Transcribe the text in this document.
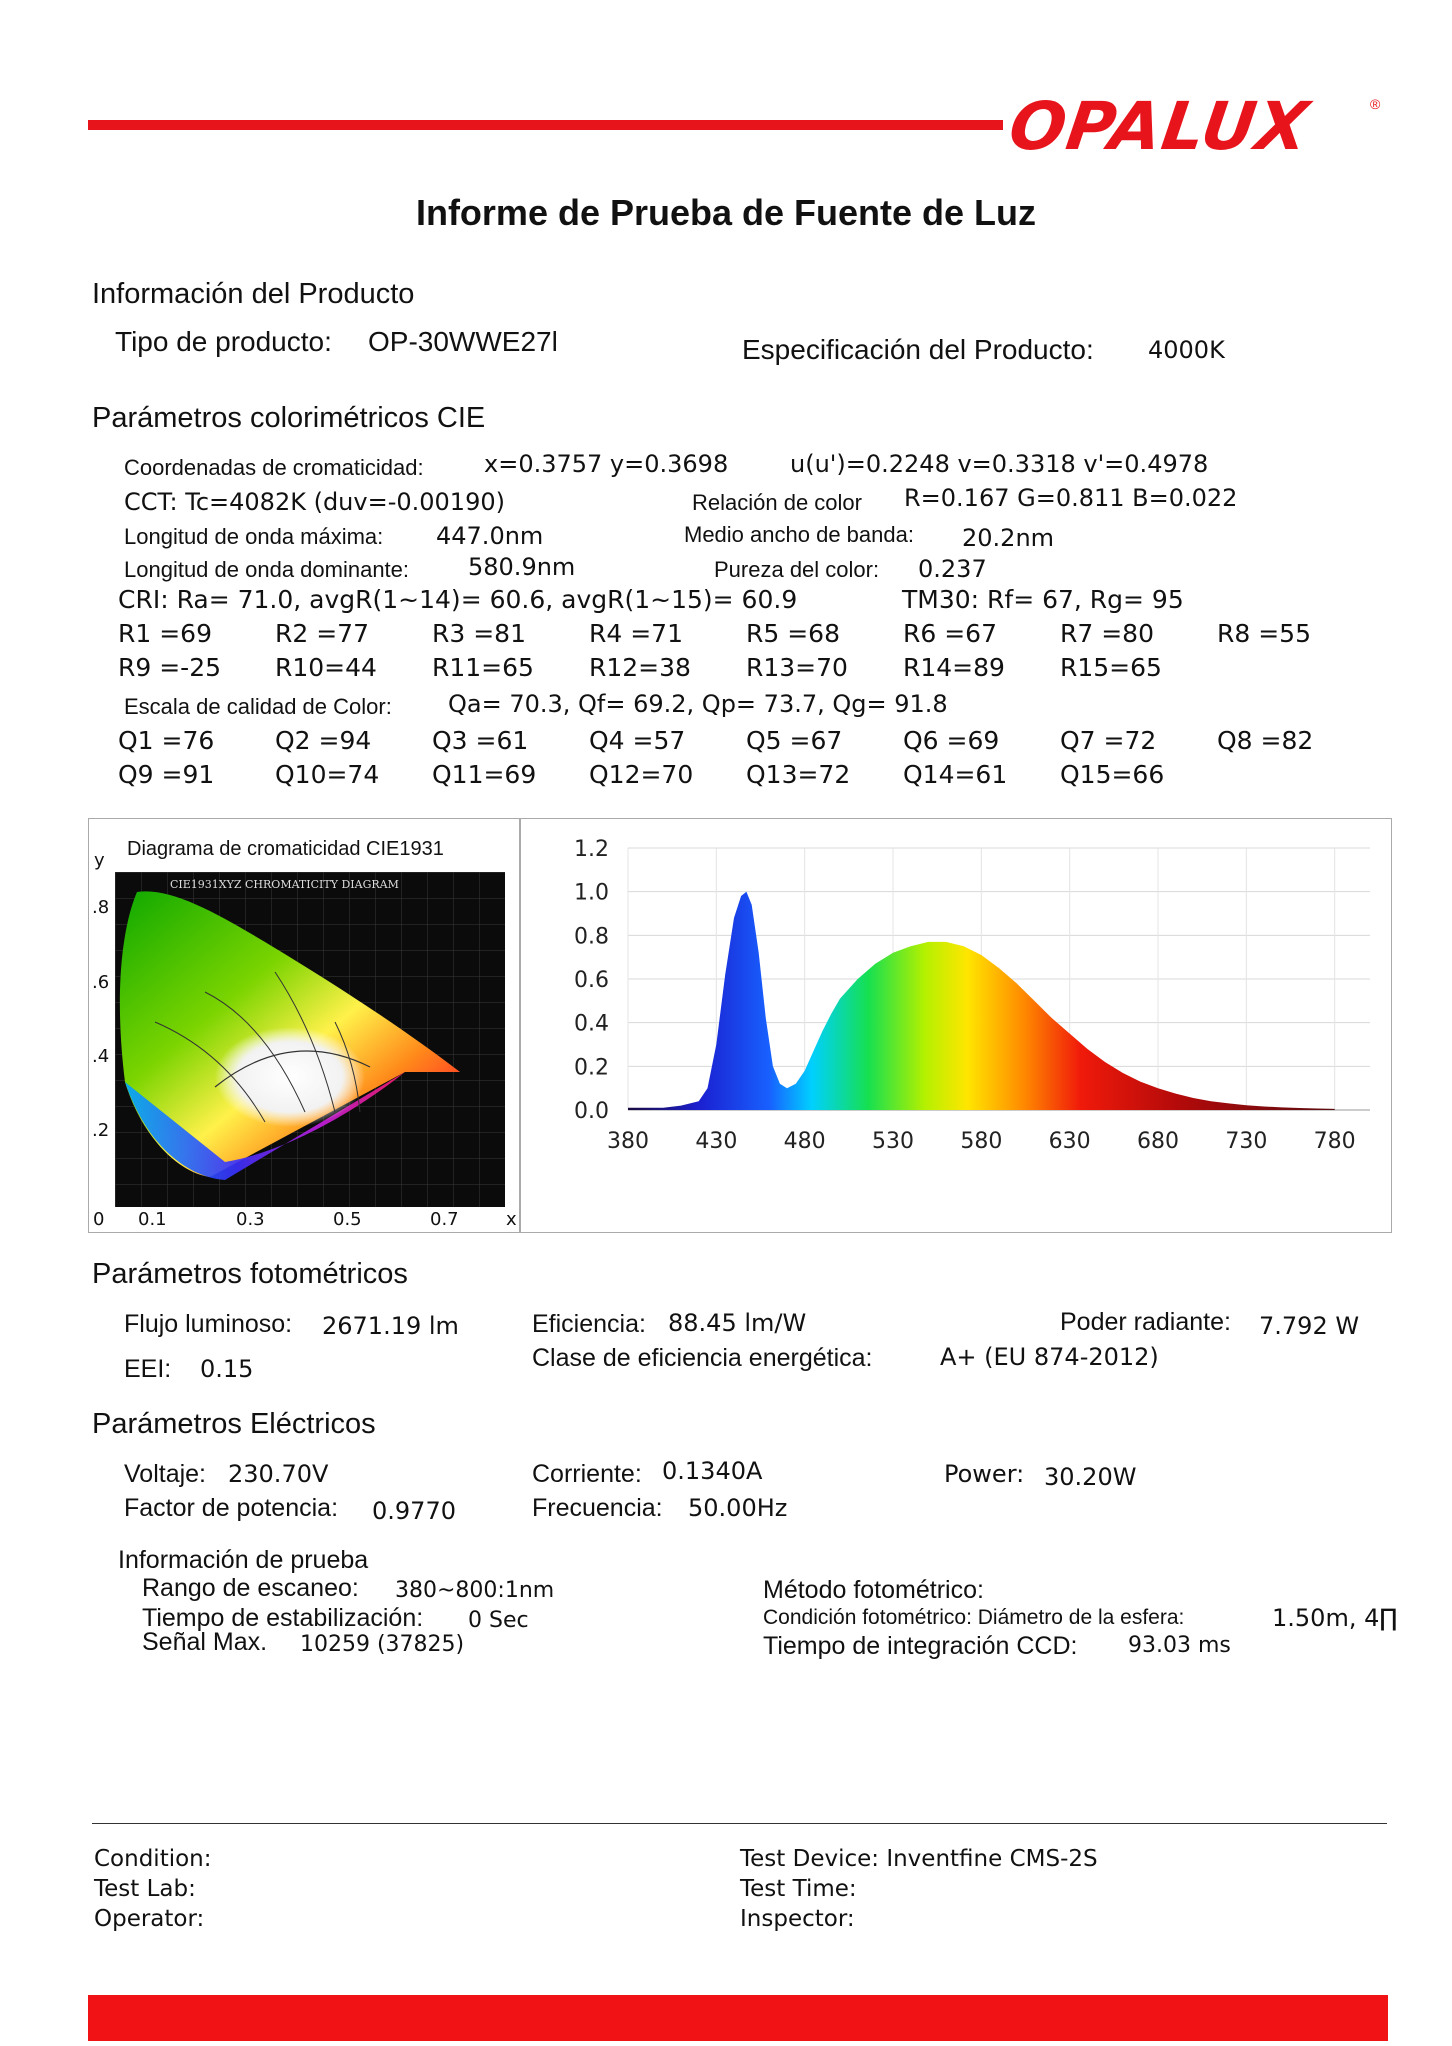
OPALUX	®
Informe de Prueba de Fuente de Luz
Información del Producto
Tipo de producto: OP-30WWE27l	Especificación del Producto: 4000K
Parámetros colorimétricos CIE
Coordenadas de cromaticidad:	x=0.3757 y=0.3698	u(u')=0.2248 v=0.3318 v'=0.4978
CCT: Tc=4082K (duv=-0.00190)	Relación de color R=0.167 G=0.811 B=0.022
Longitud de onda máxima: 447.0nm	Medio ancho de banda: 20.2nm
Longitud de onda dominante: 580.9nm	Pureza del color: 0.237
CRI: Ra= 71.0, avgR(1~14)= 60.6, avgR(1~15)= 60.9	TM30: Rf= 67, Rg= 95
R1 =69	R2 =77	R3 =81	R4 =71	R5 =68	R6 =67	R7 =80	R8 =55
R9 =-25 R10=44 R11=65 R12=38 R13=70 R14=89 R15=65
Escala de calidad de Color: Qa= 70.3, Qf= 69.2, Qp= 73.7, Qg= 91.8
Q1 =76 Q2 =94 Q3 =61 Q4 =57 Q5 =67 Q6 =69 Q7 =72 Q8 =82
Q9 =91 Q10=74 Q11=69 Q12=70 Q13=72 Q14=61 Q15=66
Diagrama de cromaticidad CIE1931
y
.8
.6
.4
.2
0 0.1	0.3	0.5	0.7	x
CIE1931XYZ CHROMATICITY DIAGRAM
1.2
1.0
0.8
0.6
0.4
0.2
0.0
380 430 480 530 580 630 680 730 780
Parámetros fotométricos
Flujo luminoso: 2671.19 lm	Eficiencia: 88.45 lm/W	Poder radiante: 7.792 W
EEI: 0.15	Clase de eficiencia energética:	A+ (EU 874-2012)
Parámetros Eléctricos
Voltaje: 230.70V	Corriente: 0.1340A	Power: 30.20W
Factor de potencia: 0.9770	Frecuencia: 50.00Hz
Información de prueba
Rango de escaneo: 380~800:1nm
Tiempo de estabilización: 0 Sec
Señal Max. 10259 (37825)
Método fotométrico:
Condición fotométrico: Diámetro de la esfera:	1.50m, 4∏
Tiempo de integración CCD: 93.03 ms
Condition:
Test Lab:
Operator:
Test Device: Inventfine CMS-2S
Test Time:
Inspector:
